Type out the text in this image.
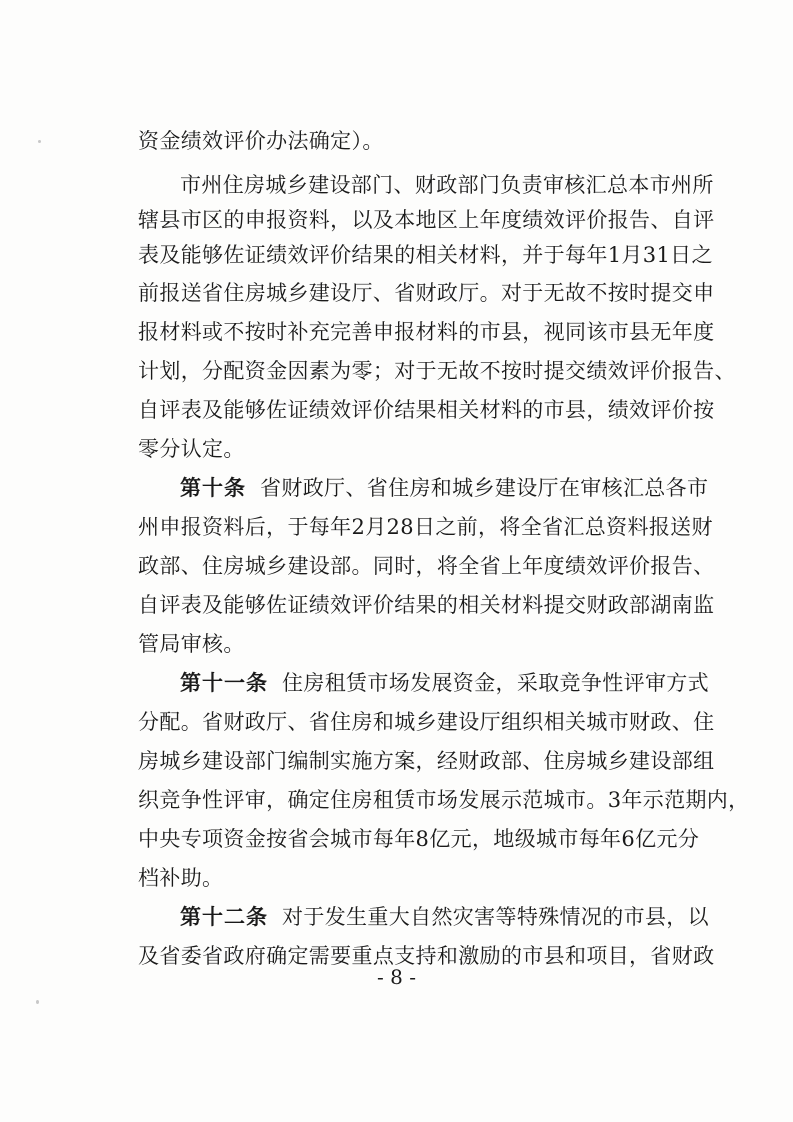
资金绩效评价办法确定）。
市州住房城乡建设部门、财政部门负责审核汇总本市州所
辖县市区的申报资料，以及本地区上年度绩效评价报告、自评
表及能够佐证绩效评价结果的相关材料，并于每年1月31日之
前报送省住房城乡建设厅、省财政厅。对于无故不按时提交申
报材料或不按时补充完善申报材料的市县，视同该市县无年度
计划，分配资金因素为零；对于无故不按时提交绩效评价报告、
自评表及能够佐证绩效评价结果相关材料的市县，绩效评价按
零分认定。
第十条 省财政厅、省住房和城乡建设厅在审核汇总各市
州申报资料后，于每年2月28日之前，将全省汇总资料报送财
政部、住房城乡建设部。同时，将全省上年度绩效评价报告、
自评表及能够佐证绩效评价结果的相关材料提交财政部湖南监
管局审核。
第十一条 住房租赁市场发展资金，采取竞争性评审方式
分配。省财政厅、省住房和城乡建设厅组织相关城市财政、住
房城乡建设部门编制实施方案，经财政部、住房城乡建设部组
织竞争性评审，确定住房租赁市场发展示范城市。3年示范期内，
中央专项资金按省会城市每年8亿元，地级城市每年6亿元分
档补助。
第十二条 对于发生重大自然灾害等特殊情况的市县，以
及省委省政府确定需要重点支持和激励的市县和项目，省财政
- 8 -
